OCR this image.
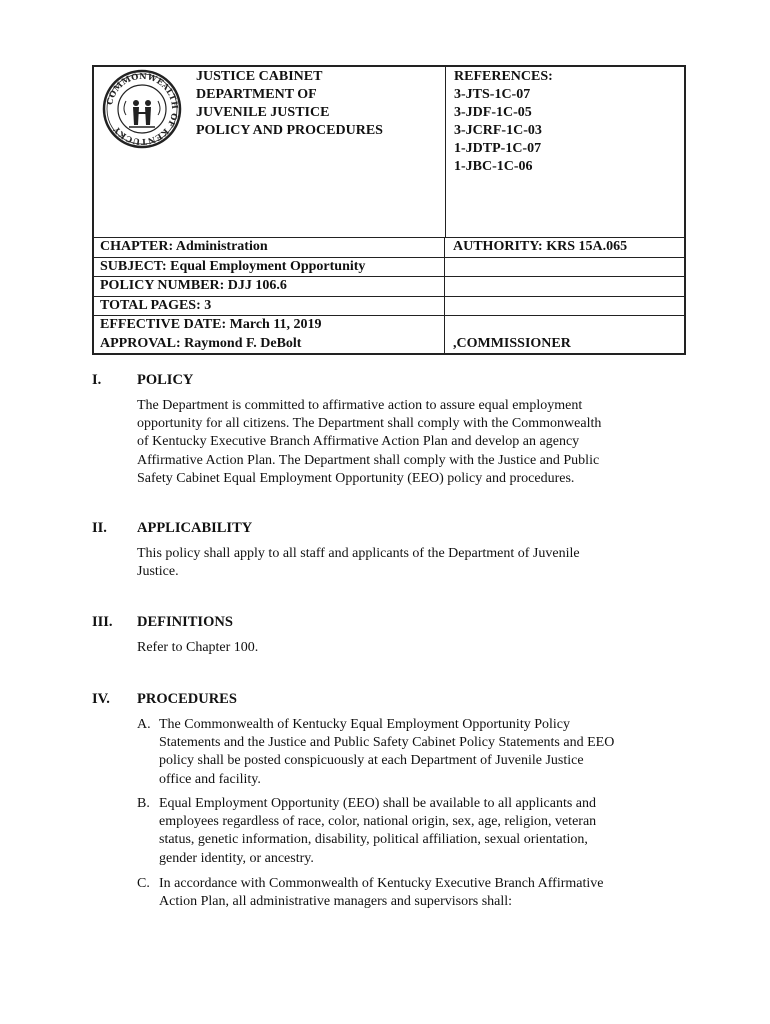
COMMONWEALTH OF KENTUCKY
JUSTICE CABINET
DEPARTMENT OF
JUVENILE JUSTICE
POLICY AND PROCEDURES
REFERENCES:
3-JTS-1C-07
3-JDF-1C-05
3-JCRF-1C-03
1-JDTP-1C-07
1-JBC-1C-06
CHAPTER: Administration	AUTHORITY: KRS 15A.065
SUBJECT: Equal Employment Opportunity
POLICY NUMBER: DJJ 106.6
TOTAL PAGES: 3
EFFECTIVE DATE: March 11, 2019
APPROVAL: Raymond F. DeBolt	,COMMISSIONER
I. POLICY
The Department is committed to affirmative action to assure equal employment
opportunity for all citizens. The Department shall comply with the Commonwealth
of Kentucky Executive Branch Affirmative Action Plan and develop an agency
Affirmative Action Plan. The Department shall comply with the Justice and Public
Safety Cabinet Equal Employment Opportunity (EEO) policy and procedures.
II. APPLICABILITY
This policy shall apply to all staff and applicants of the Department of Juvenile
Justice.
III. DEFINITIONS
Refer to Chapter 100.
IV. PROCEDURES
A. The Commonwealth of Kentucky Equal Employment Opportunity Policy
Statements and the Justice and Public Safety Cabinet Policy Statements and EEO
policy shall be posted conspicuously at each Department of Juvenile Justice
office and facility.
B. Equal Employment Opportunity (EEO) shall be available to all applicants and
employees regardless of race, color, national origin, sex, age, religion, veteran
status, genetic information, disability, political affiliation, sexual orientation,
gender identity, or ancestry.
C. In accordance with Commonwealth of Kentucky Executive Branch Affirmative
Action Plan, all administrative managers and supervisors shall:
